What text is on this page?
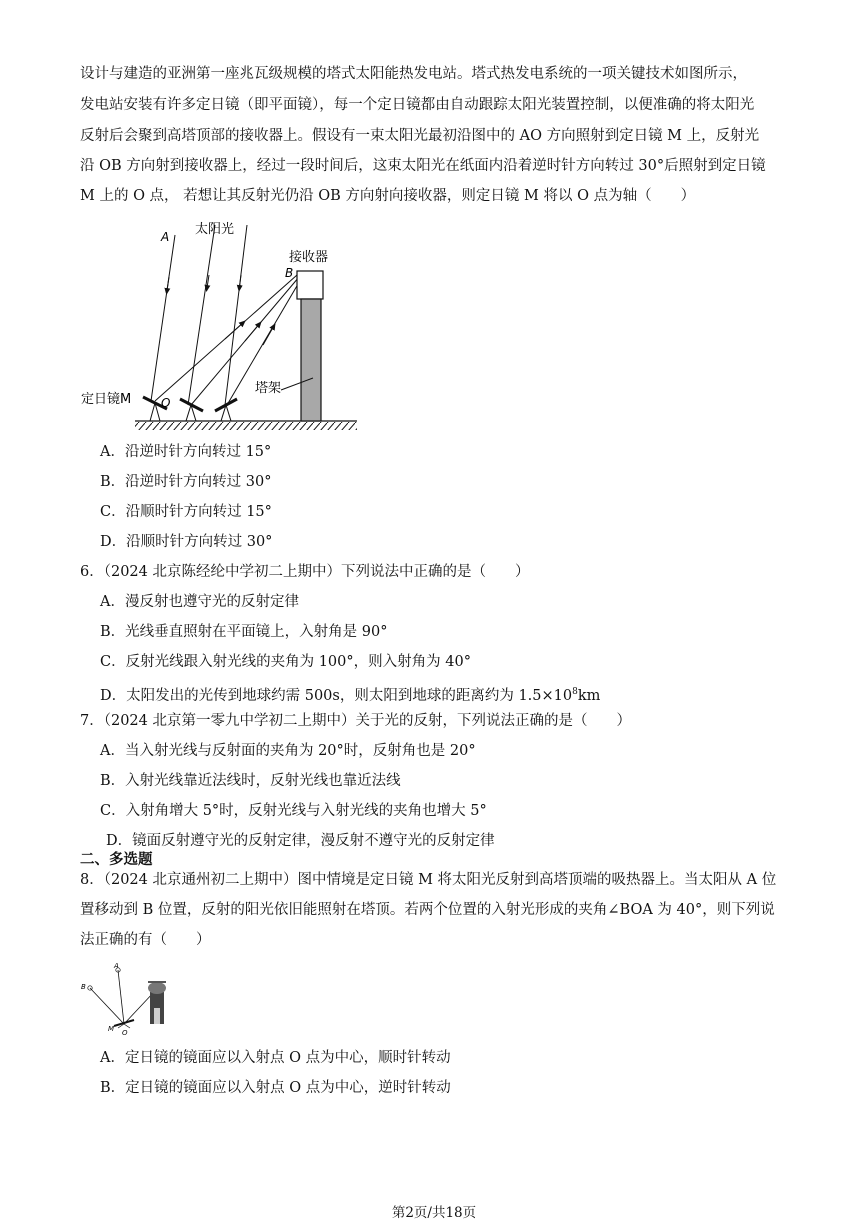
设计与建造的亚洲第一座兆瓦级规模的塔式太阳能热发电站。塔式热发电系统的一项关键技术如图所示，
发电站安装有许多定日镜（即平面镜），每一个定日镜都由自动跟踪太阳光装置控制，以便准确的将太阳光
反射后会聚到高塔顶部的接收器上。假设有一束太阳光最初沿图中的 AO 方向照射到定日镜 M 上，反射光
沿 OB 方向射到接收器上，经过一段时间后，这束太阳光在纸面内沿着逆时针方向转过 30°后照射到定日镜
M 上的 O 点， 若想让其反射光仍沿 OB 方向射向接收器，则定日镜 M 将以 O 点为轴（　　）
A 太阳光
接收器
B
塔架
定日镜M O
A．沿逆时针方向转过 15°
B．沿逆时针方向转过 30°
C．沿顺时针方向转过 15°
D．沿顺时针方向转过 30°
6．（2024 北京陈经纶中学初二上期中）下列说法中正确的是（　　）
A．漫反射也遵守光的反射定律
B．光线垂直照射在平面镜上，入射角是 90°
C．反射光线跟入射光线的夹角为 100°，则入射角为 40°
D．太阳发出的光传到地球约需 500s，则太阳到地球的距离约为 $1.5\times 10^8km$
7．（2024 北京第一零九中学初二上期中）关于光的反射，下列说法正确的是（　　）
A．当入射光线与反射面的夹角为 20°时，反射角也是 20°
B．入射光线靠近法线时，反射光线也靠近法线
C．入射角增大 5°时，反射光线与入射光线的夹角也增大 5°
D．镜面反射遵守光的反射定律，漫反射不遵守光的反射定律
二、多选题
8．（2024 北京通州初二上期中）图中情境是定日镜 M 将太阳光反射到高塔顶端的吸热器上。当太阳从 A 位
置移动到 B 位置，反射的阳光依旧能照射在塔顶。若两个位置的入射光形成的夹角∠BOA 为 40°，则下列说
法正确的有（　　）
B
A
M O
A．定日镜的镜面应以入射点 O 点为中心，顺时针转动
B．定日镜的镜面应以入射点 O 点为中心，逆时针转动
第2页/共18页
